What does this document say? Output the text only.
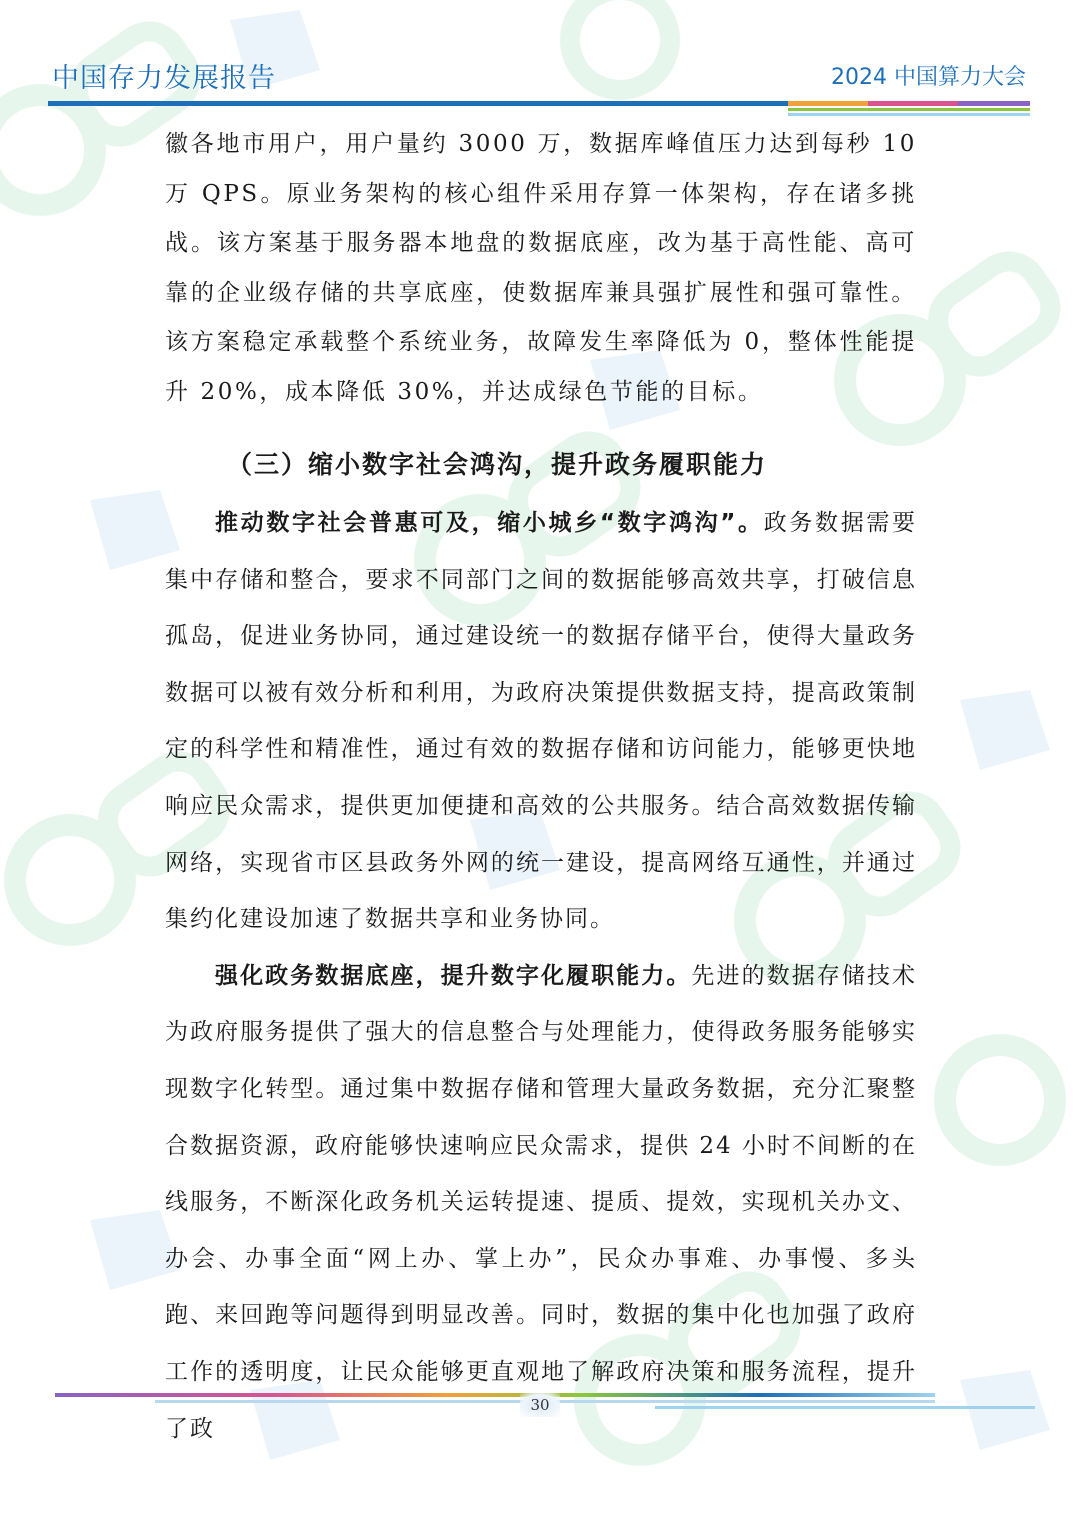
中国存力发展报告	2024 中国算力大会

徽各地市用户，用户量约 3000 万，数据库峰值压力达到每秒 10 万 QPS。原业务架构的核心组件采用存算一体架构，存在诸多挑战。该方案基于服务器本地盘的数据底座，改为基于高性能、高可靠的企业级存储的共享底座，使数据库兼具强扩展性和强可靠性。该方案稳定承载整个系统业务，故障发生率降低为 0，整体性能提升 20%，成本降低 30%，并达成绿色节能的目标。

（三）缩小数字社会鸿沟，提升政务履职能力

推动数字社会普惠可及，缩小城乡“数字鸿沟”。政务数据需要集中存储和整合，要求不同部门之间的数据能够高效共享，打破信息孤岛，促进业务协同，通过建设统一的数据存储平台，使得大量政务数据可以被有效分析和利用，为政府决策提供数据支持，提高政策制定的科学性和精准性，通过有效的数据存储和访问能力，能够更快地响应民众需求，提供更加便捷和高效的公共服务。结合高效数据传输网络，实现省市区县政务外网的统一建设，提高网络互通性，并通过集约化建设加速了数据共享和业务协同。

强化政务数据底座，提升数字化履职能力。先进的数据存储技术为政府服务提供了强大的信息整合与处理能力，使得政务服务能够实现数字化转型。通过集中数据存储和管理大量政务数据，充分汇聚整合数据资源，政府能够快速响应民众需求，提供 24 小时不间断的在线服务，不断深化政务机关运转提速、提质、提效，实现机关办文、办会、办事全面“网上办、掌上办”，民众办事难、办事慢、多头跑、来回跑等问题得到明显改善。同时，数据的集中化也加强了政府工作的透明度，让民众能够更直观地了解政府决策和服务流程，提升了政

30
